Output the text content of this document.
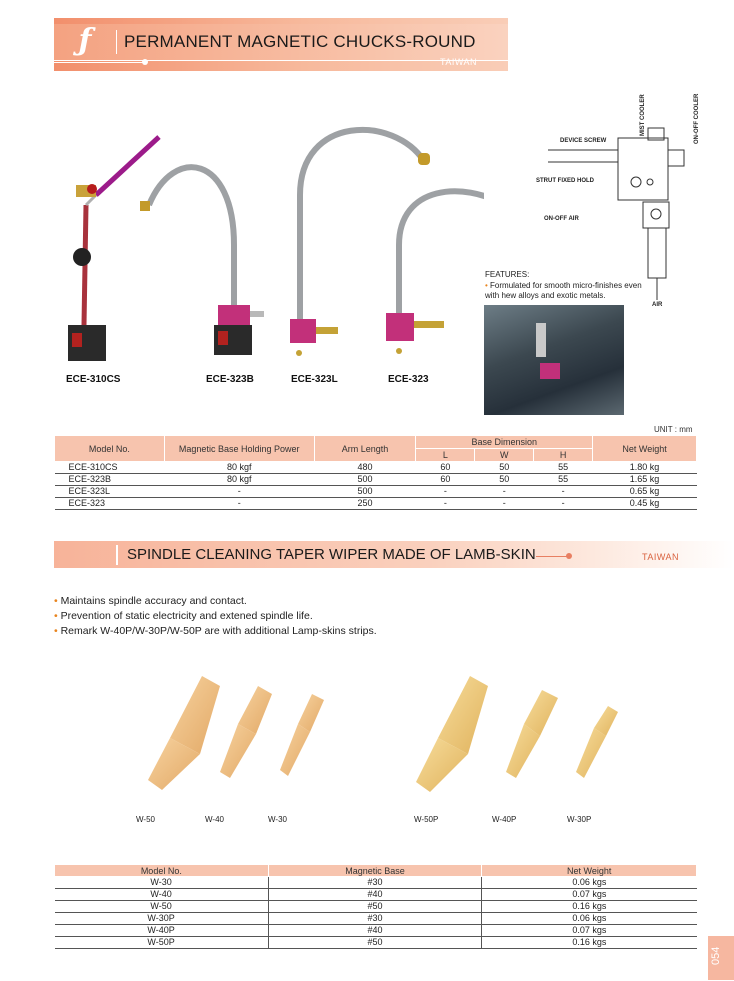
ƒ	PERMANENT MAGNETIC CHUCKS-ROUND
TAIWAN
ECE-310CS	ECE-323B	ECE-323L	ECE-323
MIST COOLER	ON-OFF COOLER
DEVICE SCREW
STRUT FIXED HOLD
ON-OFF AIR
AIR
FEATURES:
• Formulated for smooth micro-finishes even with hew alloys and exotic metals.
UNIT : mm
Model No.	Magnetic Base Holding Power	Arm Length	Base Dimension			Net Weight
			L	W	H	
ECE-310CS	80 kgf	480	60	50	55	1.80 kg
ECE-323B	80 kgf	500	60	50	55	1.65 kg
ECE-323L	-	500	-	-	-	0.65 kg
ECE-323	-	250	-	-	-	0.45 kg
SPINDLE CLEANING TAPER WIPER MADE OF LAMB-SKIN	TAIWAN
• Maintains spindle accuracy and contact.
• Prevention of static electricity and extened spindle life.
• Remark W-40P/W-30P/W-50P are with additional Lamp-skins strips.
W-50	W-40	W-30	W-50P	W-40P	W-30P
Model No.	Magnetic Base	Net Weight
W-30	#30	0.06 kgs
W-40	#40	0.07 kgs
W-50	#50	0.16 kgs
W-30P	#30	0.06 kgs
W-40P	#40	0.07 kgs
W-50P	#50	0.16 kgs
054
